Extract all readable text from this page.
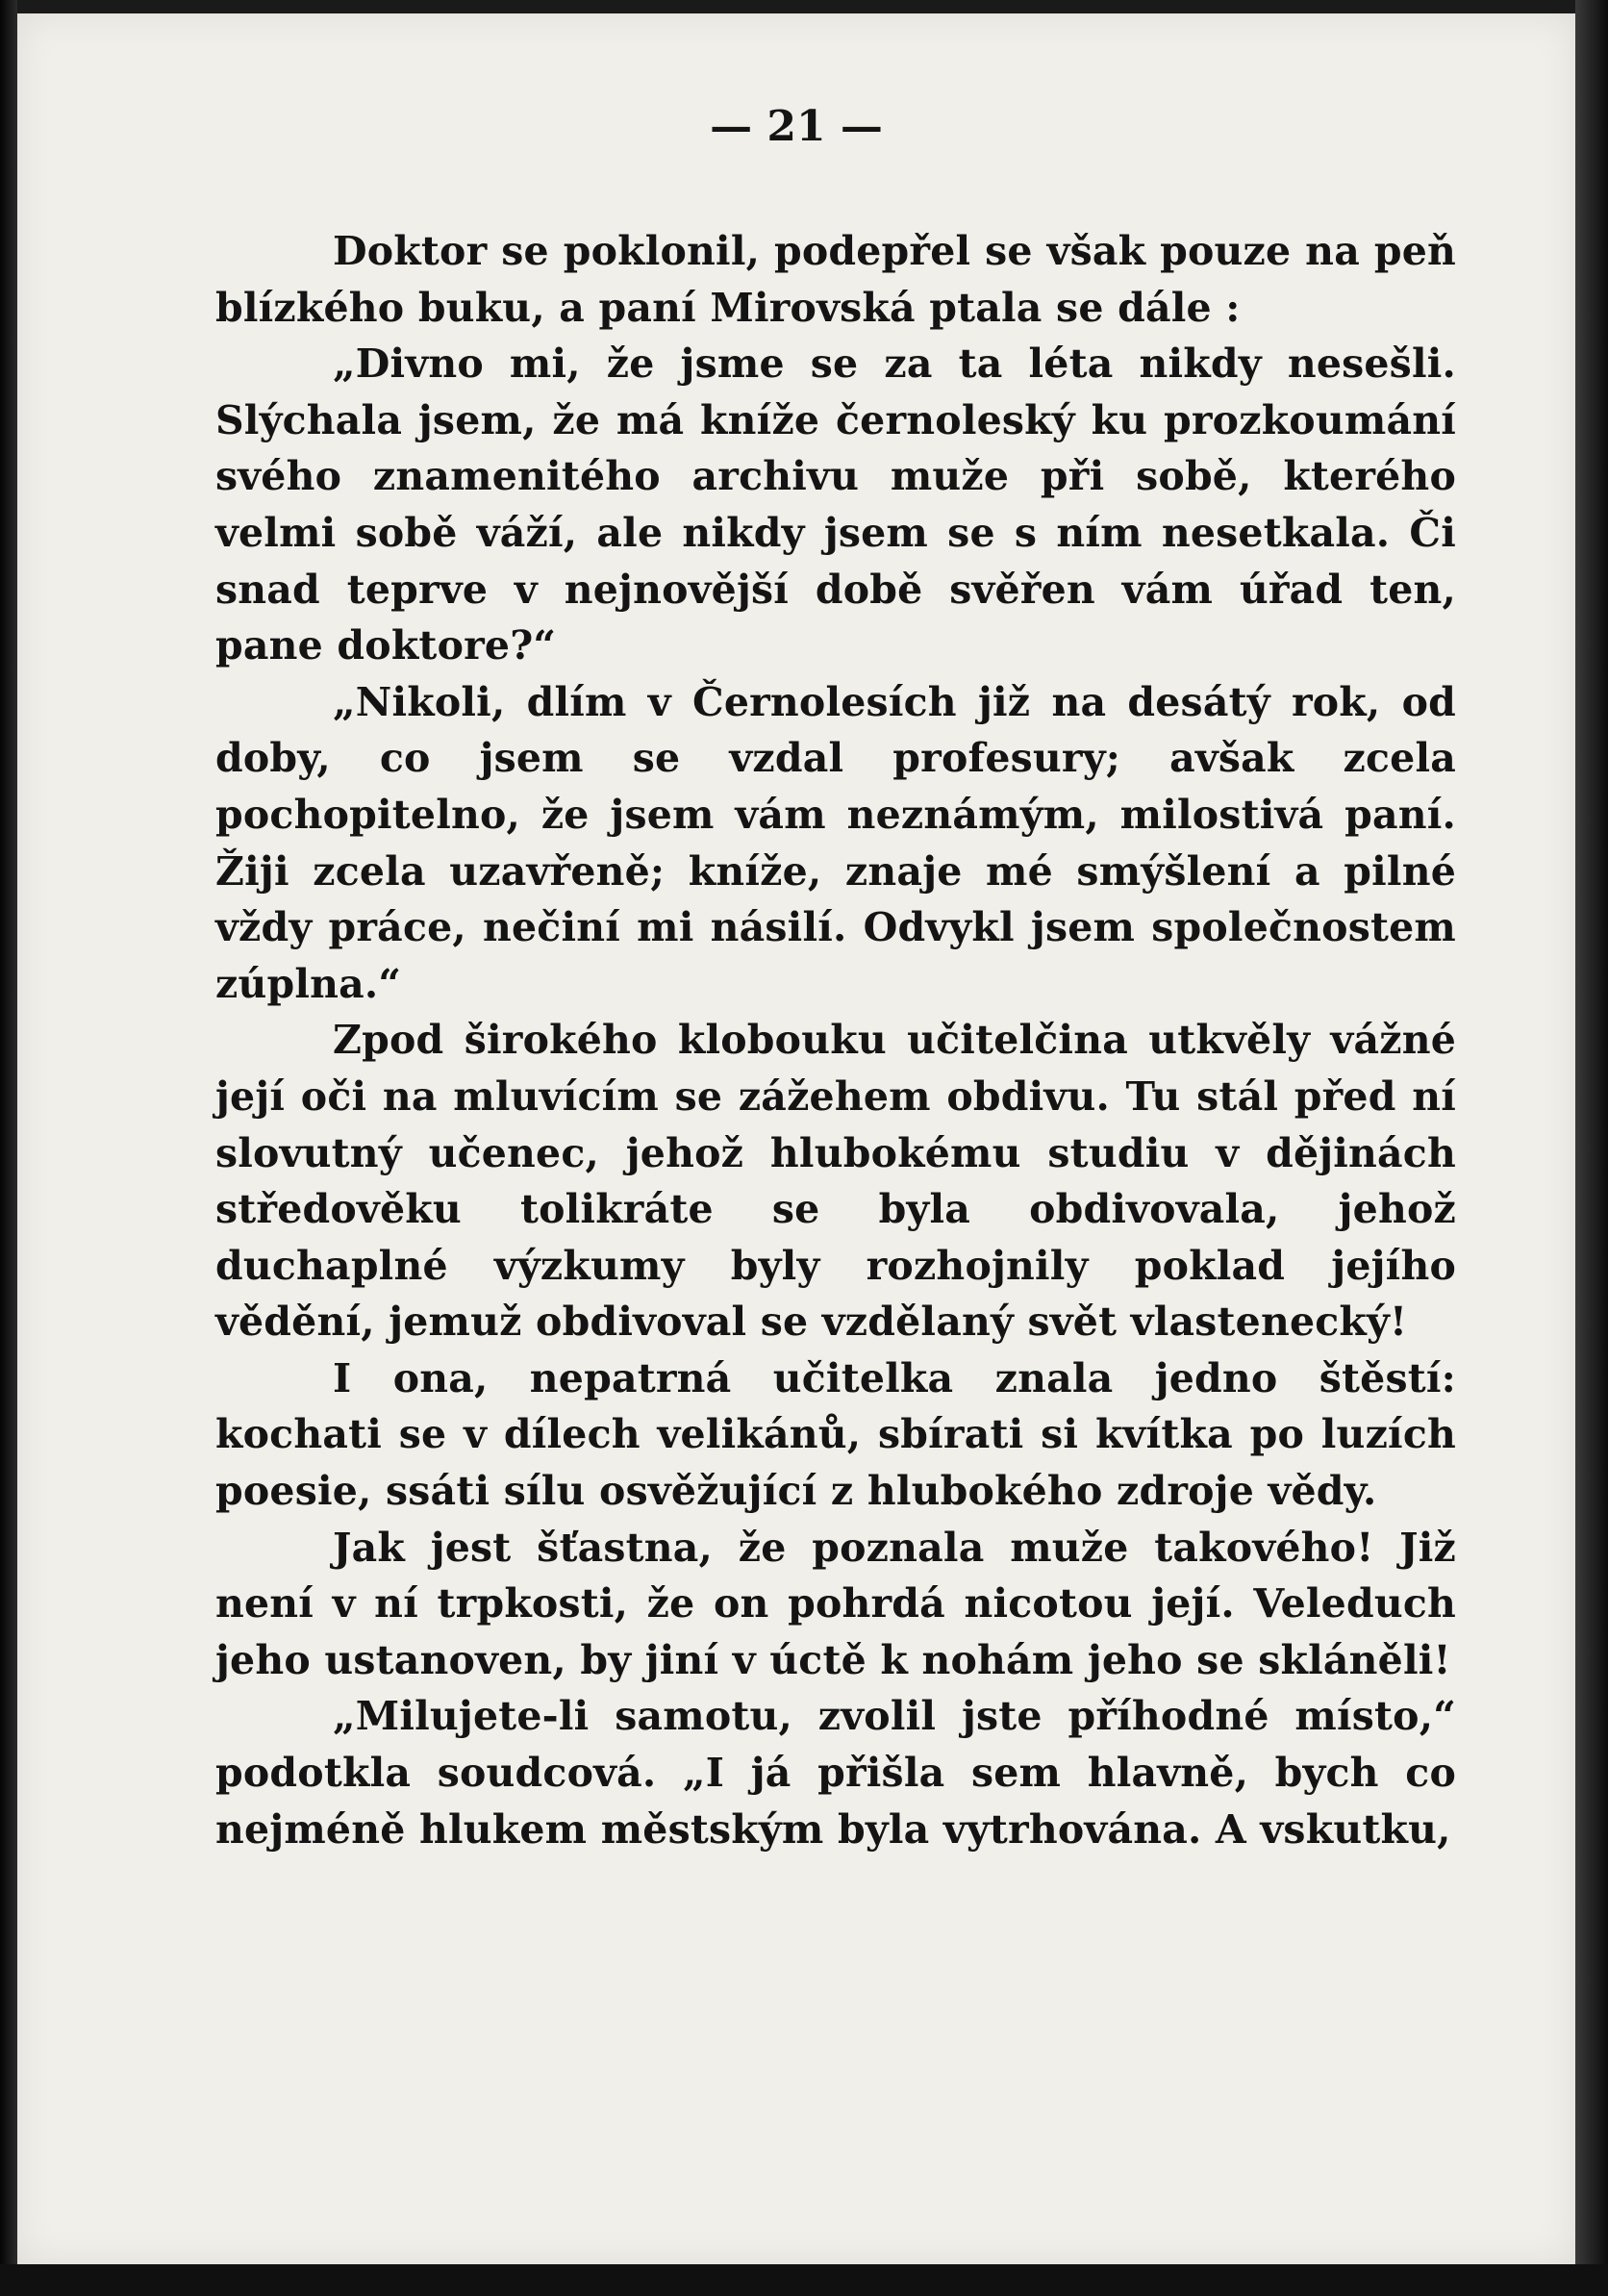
— 21 —

Doktor se poklonil, podepřel se však pouze na peň blízkého buku, a paní Mirovská ptala se dále :

„Divno mi, že jsme se za ta léta nikdy nesešli. Slýchala jsem, že má kníže černoleský ku prozkoumání svého znamenitého archivu muže při sobě, kterého velmi sobě váží, ale nikdy jsem se s ním nesetkala. Či snad teprve v nejnovější době svěřen vám úřad ten, pane doktore?“

„Nikoli, dlím v Černolesích již na desátý rok, od doby, co jsem se vzdal profesury; avšak zcela pochopitelno, že jsem vám neznámým, milostivá paní. Žiji zcela uzavřeně; kníže, znaje mé smýšlení a pilné vždy práce, nečiní mi násilí. Odvykl jsem společnostem zúplna.“

Zpod širokého klobouku učitelčina utkvěly vážné její oči na mluvícím se zážehem obdivu. Tu stál před ní slovutný učenec, jehož hlubokému studiu v dějinách středověku tolikráte se byla obdivovala, jehož duchaplné výzkumy byly rozhojnily poklad jejího vědění, jemuž obdivoval se vzdělaný svět vlastenecký!

I ona, nepatrná učitelka znala jedno štěstí: kochati se v dílech velikánů, sbírati si kvítka po luzích poesie, ssáti sílu osvěžující z hlubokého zdroje vědy.

Jak jest šťastna, že poznala muže takového! Již není v ní trpkosti, že on pohrdá nicotou její. Veleduch jeho ustanoven, by jiní v úctě k nohám jeho se skláněli!

„Milujete-li samotu, zvolil jste příhodné místo,“ podotkla soudcová. „I já přišla sem hlavně, bych co nejméně hlukem městským byla vytrhována. A vskutku,
